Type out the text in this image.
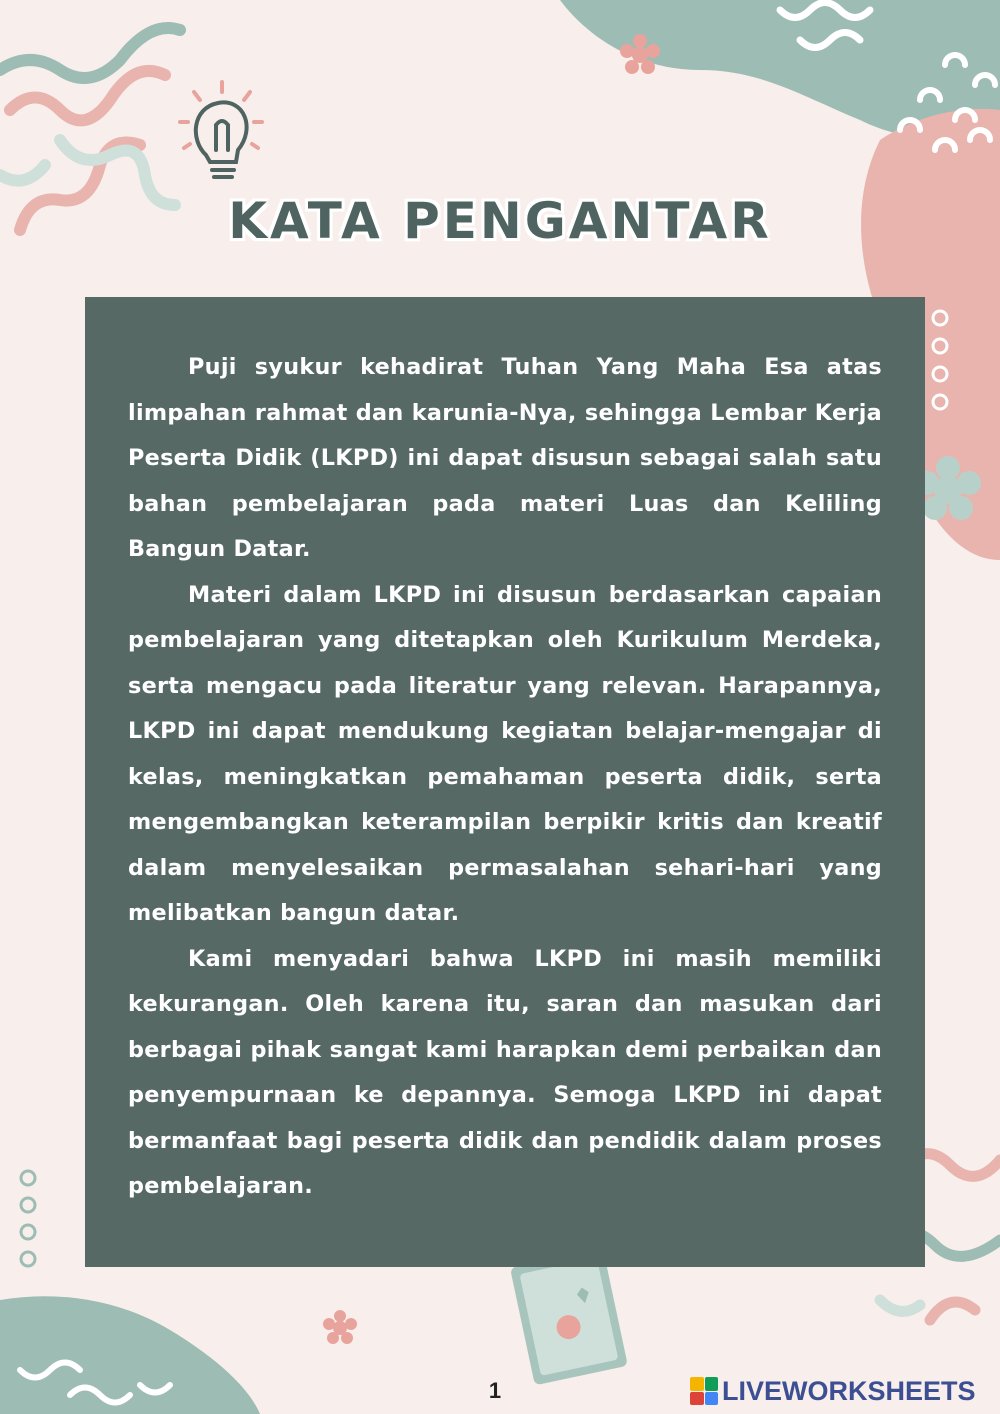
KATA PENGANTAR

Puji syukur kehadirat Tuhan Yang Maha Esa atas limpahan rahmat dan karunia-Nya, sehingga Lembar Kerja Peserta Didik (LKPD) ini dapat disusun sebagai salah satu bahan pembelajaran pada materi Luas dan Keliling Bangun Datar.

Materi dalam LKPD ini disusun berdasarkan capaian pembelajaran yang ditetapkan oleh Kurikulum Merdeka, serta mengacu pada literatur yang relevan. Harapannya, LKPD ini dapat mendukung kegiatan belajar-mengajar di kelas, meningkatkan pemahaman peserta didik, serta mengembangkan keterampilan berpikir kritis dan kreatif dalam menyelesaikan permasalahan sehari-hari yang melibatkan bangun datar.

Kami menyadari bahwa LKPD ini masih memiliki kekurangan. Oleh karena itu, saran dan masukan dari berbagai pihak sangat kami harapkan demi perbaikan dan penyempurnaan ke depannya. Semoga LKPD ini dapat bermanfaat bagi peserta didik dan pendidik dalam proses pembelajaran.

1	LIVEWORKSHEETS
